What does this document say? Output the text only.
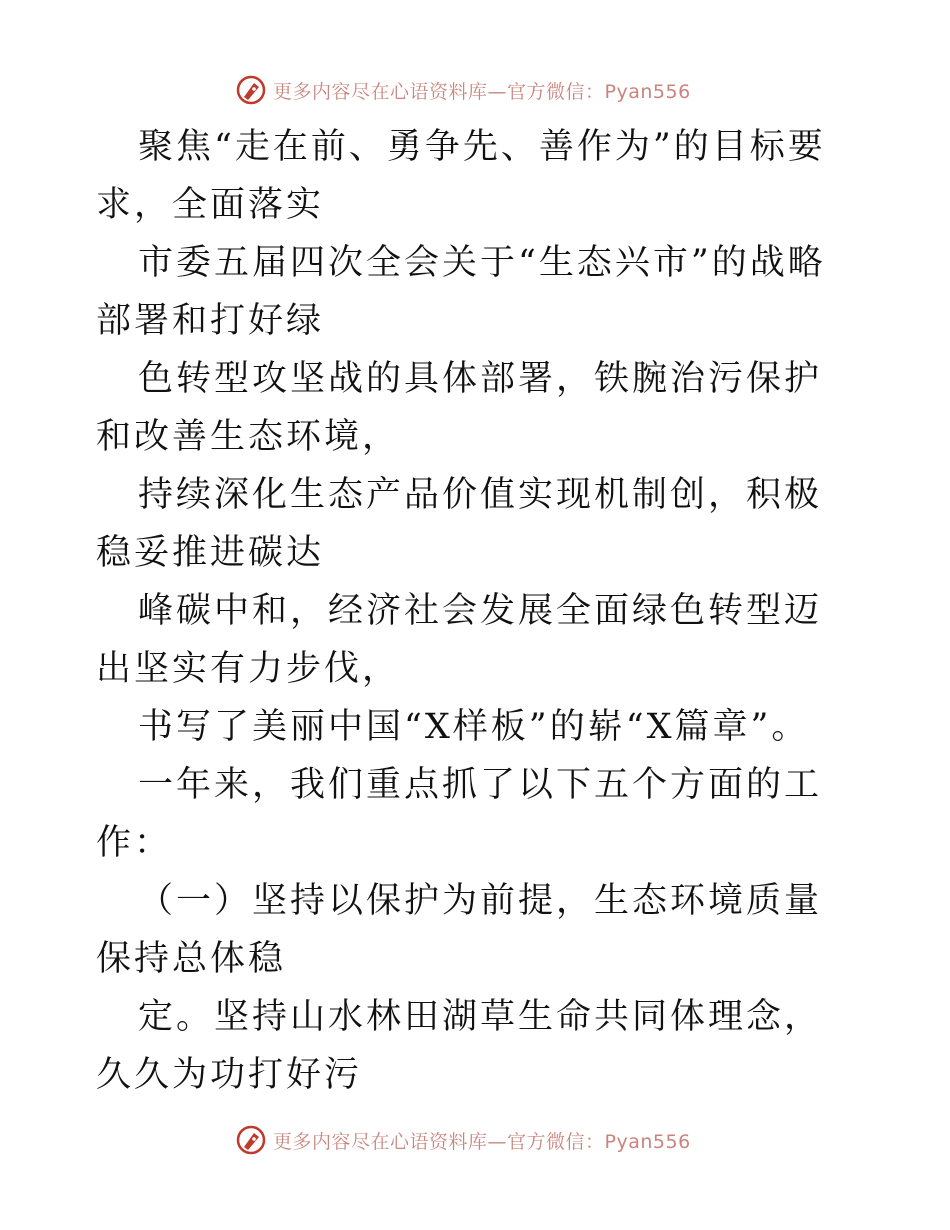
更多内容尽在心语资料库—官方微信：Pyan556

聚焦“走在前、勇争先、善作为”的目标要求，全面落实

市委五届四次全会关于“生态兴市”的战略部署和打好绿

色转型攻坚战的具体部署，铁腕治污保护和改善生态环境，

持续深化生态产品价值实现机制创，积极稳妥推进碳达

峰碳中和，经济社会发展全面绿色转型迈出坚实有力步伐，

书写了美丽中国“X样板”的崭“X篇章”。

一年来，我们重点抓了以下五个方面的工作：

（一）坚持以保护为前提，生态环境质量保持总体稳

定。坚持山水林田湖草生命共同体理念，久久为功打好污

更多内容尽在心语资料库—官方微信：Pyan556
